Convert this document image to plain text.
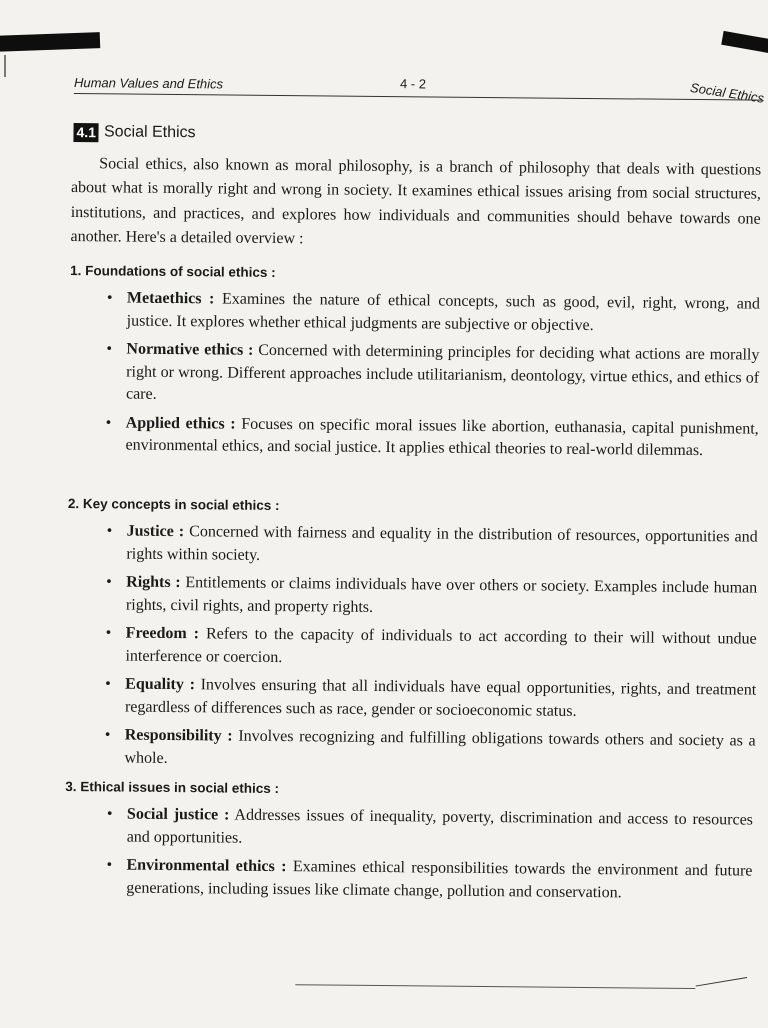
Human Values and Ethics	4 - 2	Social Ethics
4.1 Social Ethics

Social ethics, also known as moral philosophy, is a branch of philosophy that deals with questions about what is morally right and wrong in society. It examines ethical issues arising from social structures, institutions, and practices, and explores how individuals and communities should behave towards one another. Here's a detailed overview :

1. Foundations of social ethics :
• Metaethics : Examines the nature of ethical concepts, such as good, evil, right, wrong, and justice. It explores whether ethical judgments are subjective or objective.
• Normative ethics : Concerned with determining principles for deciding what actions are morally right or wrong. Different approaches include utilitarianism, deontology, virtue ethics, and ethics of care.
• Applied ethics : Focuses on specific moral issues like abortion, euthanasia, capital punishment, environmental ethics, and social justice. It applies ethical theories to real-world dilemmas.
2. Key concepts in social ethics :
• Justice : Concerned with fairness and equality in the distribution of resources, opportunities and rights within society.
• Rights : Entitlements or claims individuals have over others or society. Examples include human rights, civil rights, and property rights.
• Freedom : Refers to the capacity of individuals to act according to their will without undue interference or coercion.
• Equality : Involves ensuring that all individuals have equal opportunities, rights, and treatment regardless of differences such as race, gender or socioeconomic status.
• Responsibility : Involves recognizing and fulfilling obligations towards others and society as a whole.
3. Ethical issues in social ethics :
• Social justice : Addresses issues of inequality, poverty, discrimination and access to resources and opportunities.
• Environmental ethics : Examines ethical responsibilities towards the environment and future generations, including issues like climate change, pollution and conservation.
